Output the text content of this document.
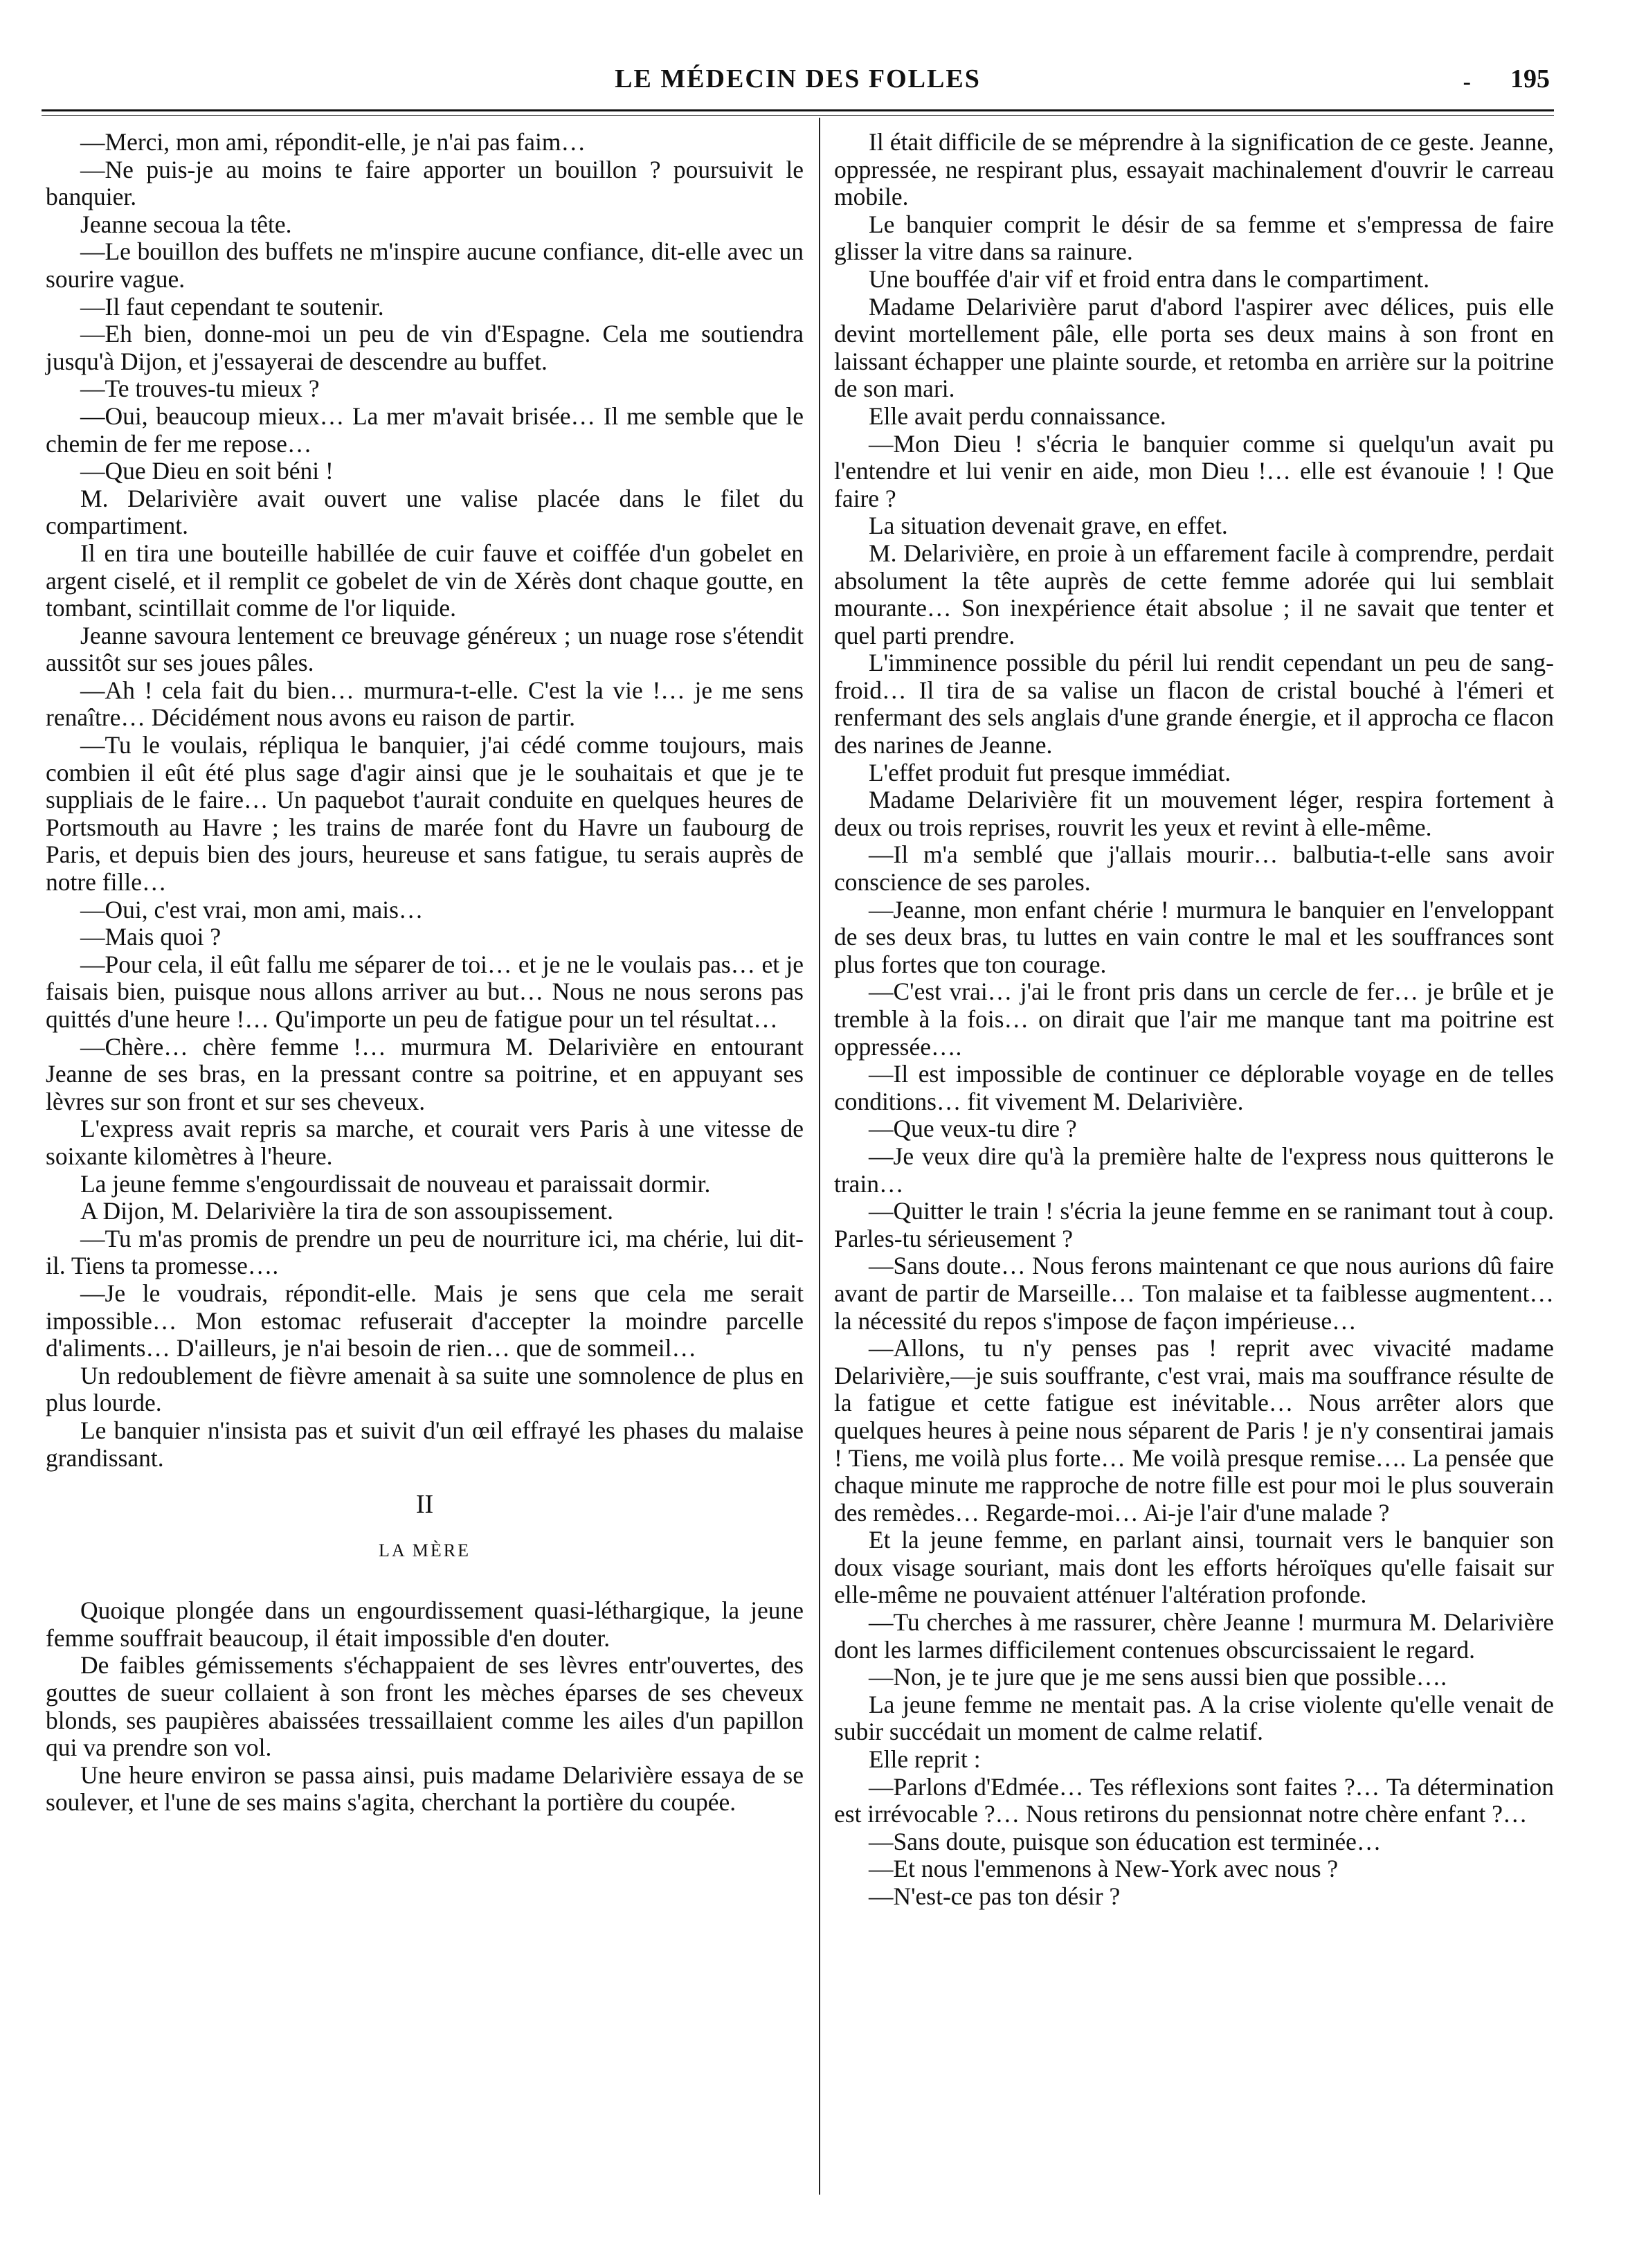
LE MÉDECIN DES FOLLES	‑ 195

—Merci, mon ami, répondit-elle, je n'ai pas faim…

—Ne puis-je au moins te faire apporter un bouillon ? poursuivit le banquier.

Jeanne secoua la tête.

—Le bouillon des buffets ne m'inspire aucune confiance, dit-elle avec un sourire vague.

—Il faut cependant te soutenir.

—Eh bien, donne-moi un peu de vin d'Espagne. Cela me soutiendra jusqu'à Dijon, et j'essayerai de descendre au buffet.

—Te trouves-tu mieux ?

—Oui, beaucoup mieux… La mer m'avait brisée… Il me semble que le chemin de fer me repose…

—Que Dieu en soit béni !

M. Delarivière avait ouvert une valise placée dans le filet du compartiment.

Il en tira une bouteille habillée de cuir fauve et coiffée d'un gobelet en argent ciselé, et il remplit ce gobelet de vin de Xérès dont chaque goutte, en tombant, scintillait comme de l'or liquide.

Jeanne savoura lentement ce breuvage généreux ; un nuage rose s'étendit aussitôt sur ses joues pâles.

—Ah ! cela fait du bien… murmura-t-elle. C'est la vie !… je me sens renaître… Décidément nous avons eu raison de partir.

—Tu le voulais, répliqua le banquier, j'ai cédé comme toujours, mais combien il eût été plus sage d'agir ainsi que je le souhaitais et que je te suppliais de le faire… Un paquebot t'aurait conduite en quelques heures de Portsmouth au Havre ; les trains de marée font du Havre un faubourg de Paris, et depuis bien des jours, heureuse et sans fatigue, tu serais auprès de notre fille…

—Oui, c'est vrai, mon ami, mais…

—Mais quoi ?

—Pour cela, il eût fallu me séparer de toi… et je ne le voulais pas… et je faisais bien, puisque nous allons arriver au but… Nous ne nous serons pas quittés d'une heure !… Qu'importe un peu de fatigue pour un tel résultat…

—Chère… chère femme !… murmura M. Delarivière en entourant Jeanne de ses bras, en la pressant contre sa poitrine, et en appuyant ses lèvres sur son front et sur ses cheveux.

L'express avait repris sa marche, et courait vers Paris à une vitesse de soixante kilomètres à l'heure.

La jeune femme s'engourdissait de nouveau et paraissait dormir.

A Dijon, M. Delarivière la tira de son assoupissement.

—Tu m'as promis de prendre un peu de nourriture ici, ma chérie, lui dit-il. Tiens ta promesse….

—Je le voudrais, répondit-elle. Mais je sens que cela me serait impossible… Mon estomac refuserait d'accepter la moindre parcelle d'aliments… D'ailleurs, je n'ai besoin de rien… que de sommeil…

Un redoublement de fièvre amenait à sa suite une somnolence de plus en plus lourde.

Le banquier n'insista pas et suivit d'un œil effrayé les phases du malaise grandissant.

II
LA MÈRE

Quoique plongée dans un engourdissement quasi-léthargique, la jeune femme souffrait beaucoup, il était impossible d'en douter.

De faibles gémissements s'échappaient de ses lèvres entr'ouvertes, des gouttes de sueur collaient à son front les mèches éparses de ses cheveux blonds, ses paupières abaissées tressaillaient comme les ailes d'un papillon qui va prendre son vol.

Une heure environ se passa ainsi, puis madame Delarivière essaya de se soulever, et l'une de ses mains s'agita, cherchant la portière du coupée.

Il était difficile de se méprendre à la signification de ce geste. Jeanne, oppressée, ne respirant plus, essayait machinalement d'ouvrir le carreau mobile.

Le banquier comprit le désir de sa femme et s'empressa de faire glisser la vitre dans sa rainure.

Une bouffée d'air vif et froid entra dans le compartiment.

Madame Delarivière parut d'abord l'aspirer avec délices, puis elle devint mortellement pâle, elle porta ses deux mains à son front en laissant échapper une plainte sourde, et retomba en arrière sur la poitrine de son mari.

Elle avait perdu connaissance.

—Mon Dieu ! s'écria le banquier comme si quelqu'un avait pu l'entendre et lui venir en aide, mon Dieu !… elle est évanouie ! ! Que faire ?

La situation devenait grave, en effet.

M. Delarivière, en proie à un effarement facile à comprendre, perdait absolument la tête auprès de cette femme adorée qui lui semblait mourante… Son inexpérience était absolue ; il ne savait que tenter et quel parti prendre.

L'imminence possible du péril lui rendit cependant un peu de sang-froid… Il tira de sa valise un flacon de cristal bouché à l'émeri et renfermant des sels anglais d'une grande énergie, et il approcha ce flacon des narines de Jeanne.

L'effet produit fut presque immédiat.

Madame Delarivière fit un mouvement léger, respira fortement à deux ou trois reprises, rouvrit les yeux et revint à elle-même.

—Il m'a semblé que j'allais mourir… balbutia-t-elle sans avoir conscience de ses paroles.

—Jeanne, mon enfant chérie ! murmura le banquier en l'enveloppant de ses deux bras, tu luttes en vain contre le mal et les souffrances sont plus fortes que ton courage.

—C'est vrai… j'ai le front pris dans un cercle de fer… je brûle et je tremble à la fois… on dirait que l'air me manque tant ma poitrine est oppressée….

—Il est impossible de continuer ce déplorable voyage en de telles conditions… fit vivement M. Delarivière.

—Que veux-tu dire ?

—Je veux dire qu'à la première halte de l'express nous quitterons le train…

—Quitter le train ! s'écria la jeune femme en se ranimant tout à coup. Parles-tu sérieusement ?

—Sans doute… Nous ferons maintenant ce que nous aurions dû faire avant de partir de Marseille… Ton malaise et ta faiblesse augmentent… la nécessité du repos s'impose de façon impérieuse…

—Allons, tu n'y penses pas ! reprit avec vivacité madame Delarivière,—je suis souffrante, c'est vrai, mais ma souffrance résulte de la fatigue et cette fatigue est inévitable… Nous arrêter alors que quelques heures à peine nous séparent de Paris ! je n'y consentirai jamais ! Tiens, me voilà plus forte… Me voilà presque remise…. La pensée que chaque minute me rapproche de notre fille est pour moi le plus souverain des remèdes… Regarde-moi… Ai-je l'air d'une malade ?

Et la jeune femme, en parlant ainsi, tournait vers le banquier son doux visage souriant, mais dont les efforts héroïques qu'elle faisait sur elle-même ne pouvaient atténuer l'altération profonde.

—Tu cherches à me rassurer, chère Jeanne ! murmura M. Delarivière dont les larmes difficilement contenues obscurcissaient le regard.

—Non, je te jure que je me sens aussi bien que possible….

La jeune femme ne mentait pas. A la crise violente qu'elle venait de subir succédait un moment de calme relatif.

Elle reprit :

—Parlons d'Edmée… Tes réflexions sont faites ?… Ta détermination est irrévocable ?… Nous retirons du pensionnat notre chère enfant ?…

—Sans doute, puisque son éducation est terminée…

—Et nous l'emmenons à New-York avec nous ?

—N'est-ce pas ton désir ?
